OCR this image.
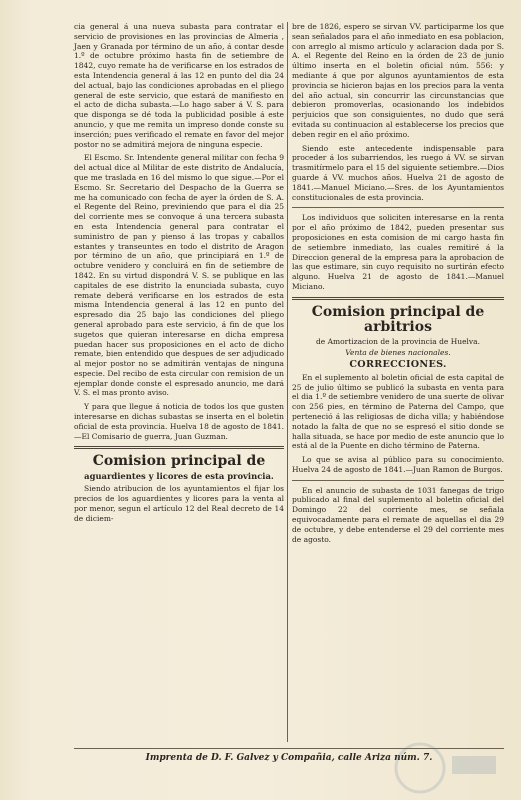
cia general á una nueva subasta para contratar el servicio de provisiones en las provincias de Almeria , Jaen y Granada por término de un año, á contar desde 1.º de octubre próximo hasta fin de setiembre de 1842, cuyo remate ha de verificarse en los estrados de esta Intendencia general á las 12 en punto del dia 24 del actual, bajo las condiciones aprobadas en el pliego general de este servicio, que estará de manifiesto en el acto de dicha subasta.—Lo hago saber á V. S. para que disponga se dé toda la publicidad posible á este anuncio, y que me remita un impreso donde conste su inserción; pues verificado el remate en favor del mejor postor no se admitirá mejora de ninguna especie.

El Escmo. Sr. Intendente general militar con fecha 9 del actual dice al Militar de este distrito de Andalucía, que me traslada en 16 del mismo lo que sigue.—Por el Escmo. Sr. Secretario del Despacho de la Guerra se me ha comunicado con fecha de ayer la órden de S. A. el Regente del Reino, previniendo que para el dia 25 del corriente mes se convoque á una tercera subasta en esta Intendencia general para contratar el suministro de pan y pienso á las tropas y caballos estantes y transeuntes en todo el distrito de Aragon por término de un año, que principiará en 1.º de octubre venidero y concluirá en fin de setiembre de 1842. En su virtud dispondrá V. S. se publique en las capitales de ese distrito la enunciada subasta, cuyo remate deberá verificarse en los estrados de esta misma Intendencia general á las 12 en punto del espresado dia 25 bajo las condiciones del pliego general aprobado para este servicio, á fin de que los sugetos que quieran interesarse en dicha empresa puedan hacer sus proposiciones en el acto de dicho remate, bien entendido que despues de ser adjudicado al mejor postor no se admitirán ventajas de ninguna especie. Del recibo de esta circular con remision de un ejemplar donde conste el espresado anuncio, me dará V. S. el mas pronto aviso.

Y para que llegue á noticia de todos los que gusten interesarse en dichas subastas se inserta en el boletin oficial de esta provincia. Huelva 18 de agosto de 1841.—El Comisario de guerra, Juan Guzman.

Comision principal de
aguardientes y licores de esta provincia.

Siendo atribucion de los ayuntamientos el fijar los precios de los aguardientes y licores para la venta al por menor, segun el artículo 12 del Real decreto de 14 de diciem-

bre de 1826, espero se sirvan VV. participarme los que sean señalados para el año inmediato en esa poblacion, con arreglo al mismo artículo y aclaracion dada por S. A. el Regente del Reino en la órden de 23 de junio último inserta en el boletin oficial núm. 556: y mediante á que por algunos ayuntamientos de esta provincia se hicieron bajas en los precios para la venta del año actual, sin concurrir las circunstancias que debieron promoverlas, ocasionando los indebidos perjuicios que son consiguientes, no dudo que será evitada su continuacion al establecerse los precios que deben regir en el año próximo.

Siendo este antecedente indispensable para proceder á los subarriendos, les ruego á VV. se sirvan trasmitírmelo para el 15 del siguiente setiembre.—Dios guarde á VV. muchos años. Huelva 21 de agosto de 1841.—Manuel Miciano.—Sres. de los Ayuntamientos constitucionales de esta provincia.

Los individuos que soliciten interesarse en la renta por el año próximo de 1842, pueden presentar sus proposiciones en esta comision de mi cargo hasta fin de setiembre inmediato, las cuales remitiré á la Direccion general de la empresa para la aprobacion de las que estimare, sin cuyo requisito no surtirán efecto alguno. Huelva 21 de agosto de 1841.—Manuel Miciano.

Comision principal de arbitrios
de Amortizacion de la provincia de Huelva.
Venta de bienes nacionales.
CORRECCIONES.

En el suplemento al boletin oficial de esta capital de 25 de julio último se publicó la subasta en venta para el dia 1.º de setiembre venidero de una suerte de olivar con 256 pies, en término de Paterna del Campo, que perteneció á las religiosas de dicha villa; y habiéndose notado la falta de que no se espresó el sitio donde se halla situada, se hace por medio de este anuncio que lo está al de la Puente en dicho término de Paterna.

Lo que se avisa al público para su conocimiento. Huelva 24 de agosto de 1841.—Juan Ramon de Burgos.

En el anuncio de subasta de 1031 fanegas de trigo publicado al final del suplemento al boletin oficial del Domingo 22 del corriente mes, se señala equivocadamente para el remate de aquellas el dia 29 de octubre, y debe entenderse el 29 del corriente mes de agosto.

Imprenta de D. F. Galvez y Compañia, calle Ariza núm. 7.
